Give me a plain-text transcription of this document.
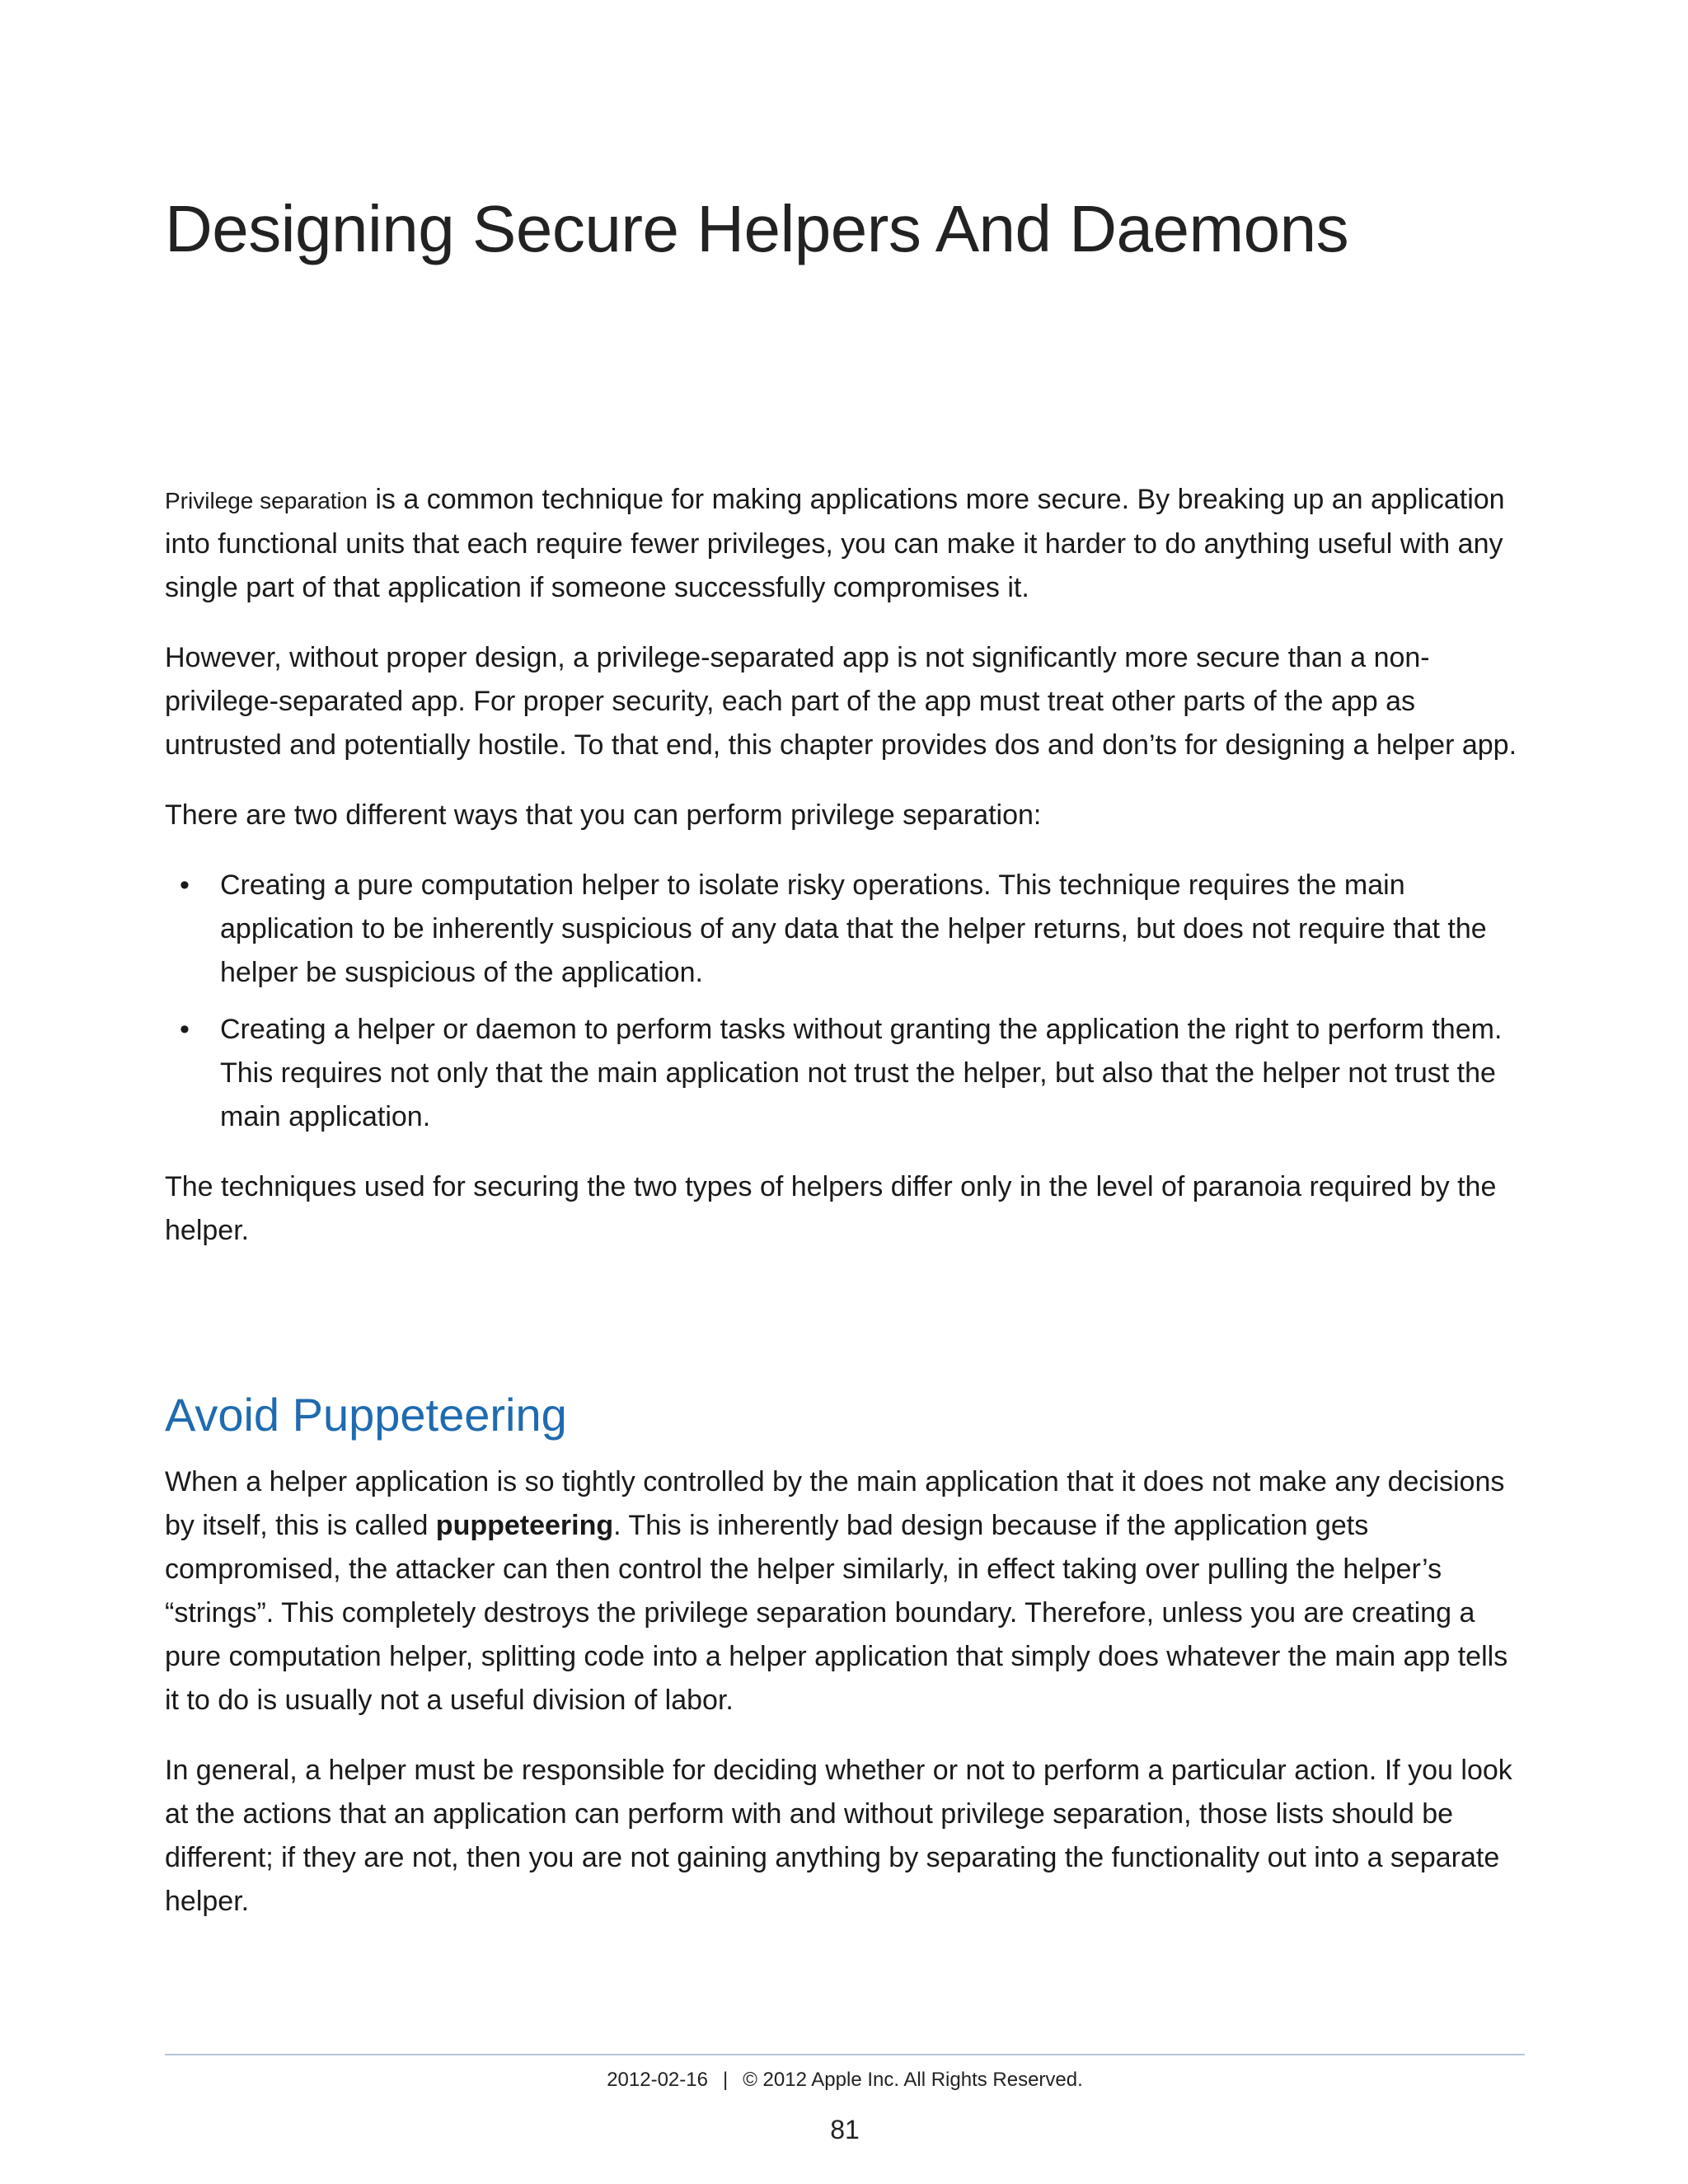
Designing Secure Helpers And Daemons

Privilege separation is a common technique for making applications more secure. By breaking up an application into functional units that each require fewer privileges, you can make it harder to do anything useful with any single part of that application if someone successfully compromises it.

However, without proper design, a privilege-separated app is not significantly more secure than a non-privilege-separated app. For proper security, each part of the app must treat other parts of the app as untrusted and potentially hostile. To that end, this chapter provides dos and don’ts for designing a helper app.

There are two different ways that you can perform privilege separation:

• Creating a pure computation helper to isolate risky operations. This technique requires the main application to be inherently suspicious of any data that the helper returns, but does not require that the helper be suspicious of the application.
• Creating a helper or daemon to perform tasks without granting the application the right to perform them. This requires not only that the main application not trust the helper, but also that the helper not trust the main application.

The techniques used for securing the two types of helpers differ only in the level of paranoia required by the helper.

Avoid Puppeteering

When a helper application is so tightly controlled by the main application that it does not make any decisions by itself, this is called puppeteering. This is inherently bad design because if the application gets compromised, the attacker can then control the helper similarly, in effect taking over pulling the helper’s “strings”. This completely destroys the privilege separation boundary. Therefore, unless you are creating a pure computation helper, splitting code into a helper application that simply does whatever the main app tells it to do is usually not a useful division of labor.

In general, a helper must be responsible for deciding whether or not to perform a particular action. If you look at the actions that an application can perform with and without privilege separation, those lists should be different; if they are not, then you are not gaining anything by separating the functionality out into a separate helper.

2012-02-16 | © 2012 Apple Inc. All Rights Reserved.
81
